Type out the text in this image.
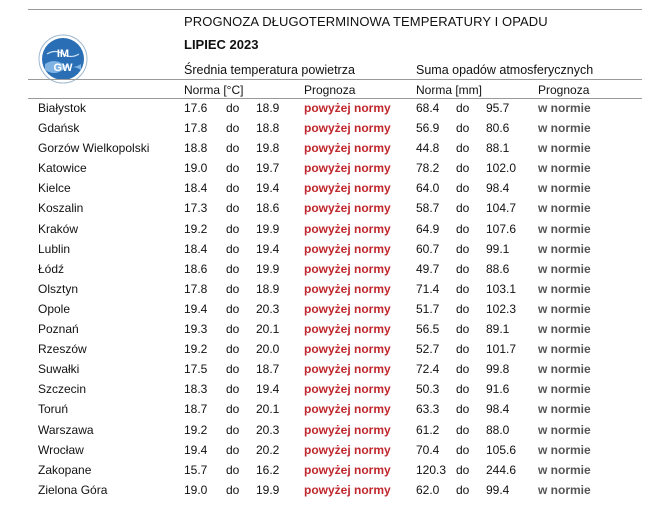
IM
GW
PROGNOZA DŁUGOTERMINOWA TEMPERATURY I OPADU
LIPIEC 2023
Średnia temperatura powietrza	Suma opadów atmosferycznych
Norma [°C]	Prognoza	Norma [mm]	Prognoza
Białystok	17.6 do 18.9 powyżej normy 68.4 do 95.7 w normie
Gdańsk	17.8 do 18.8 powyżej normy 56.9 do 80.6 w normie
Gorzów Wielkopolski	18.8 do 19.8 powyżej normy 44.8 do 88.1 w normie
Katowice	19.0 do 19.7 powyżej normy 78.2 do 102.0 w normie
Kielce	18.4 do 19.4 powyżej normy 64.0 do 98.4 w normie
Koszalin	17.3 do 18.6 powyżej normy 58.7 do 104.7 w normie
Kraków	19.2 do 19.9 powyżej normy 64.9 do 107.6 w normie
Lublin	18.4 do 19.4 powyżej normy 60.7 do 99.1 w normie
Łódź	18.6 do 19.9 powyżej normy 49.7 do 88.6 w normie
Olsztyn	17.8 do 18.9 powyżej normy 71.4 do 103.1 w normie
Opole	19.4 do 20.3 powyżej normy 51.7 do 102.3 w normie
Poznań	19.3 do 20.1 powyżej normy 56.5 do 89.1 w normie
Rzeszów	19.2 do 20.0 powyżej normy 52.7 do 101.7 w normie
Suwałki	17.5 do 18.7 powyżej normy 72.4 do 99.8 w normie
Szczecin	18.3 do 19.4 powyżej normy 50.3 do 91.6 w normie
Toruń	18.7 do 20.1 powyżej normy 63.3 do 98.4 w normie
Warszawa	19.2 do 20.3 powyżej normy 61.2 do 88.0 w normie
Wrocław	19.4 do 20.2 powyżej normy 70.4 do 105.6 w normie
Zakopane	15.7 do 16.2 powyżej normy 120.3 do 244.6 w normie
Zielona Góra	19.0 do 19.9 powyżej normy 62.0 do 99.4 w normie
